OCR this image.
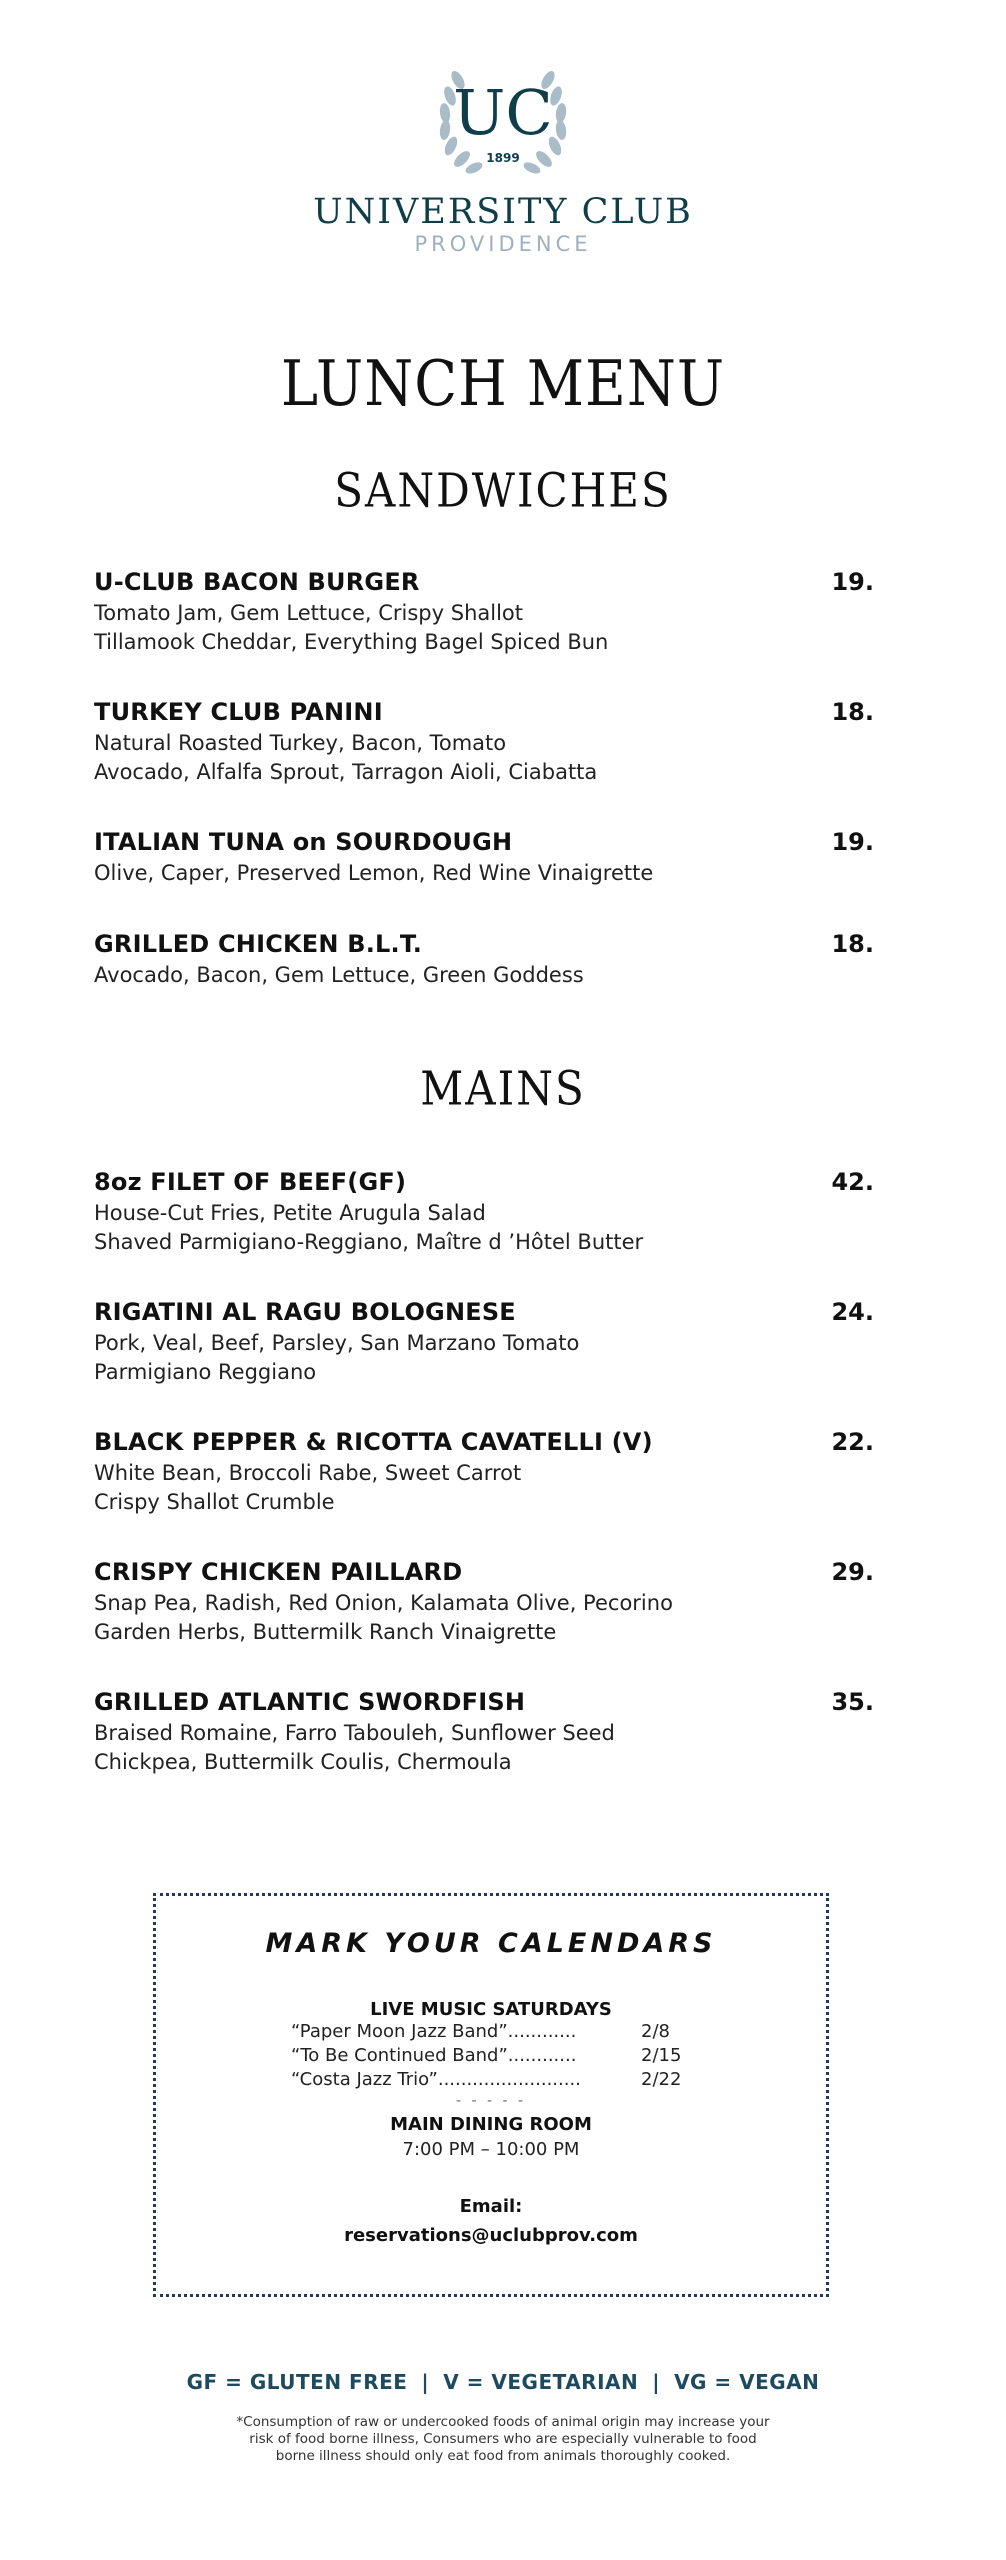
UC
1899
UNIVERSITY CLUB
PROVIDENCE
LUNCH MENU
SANDWICHES
U-CLUB BACON BURGER	19.
Tomato Jam, Gem Lettuce, Crispy Shallot
Tillamook Cheddar, Everything Bagel Spiced Bun
TURKEY CLUB PANINI	18.
Natural Roasted Turkey, Bacon, Tomato
Avocado, Alfalfa Sprout, Tarragon Aioli, Ciabatta
ITALIAN TUNA on SOURDOUGH	19.
Olive, Caper, Preserved Lemon, Red Wine Vinaigrette
GRILLED CHICKEN B.L.T.	18.
Avocado, Bacon, Gem Lettuce, Green Goddess
MAINS
8oz FILET OF BEEF(GF)	42.
House-Cut Fries, Petite Arugula Salad
Shaved Parmigiano-Reggiano, Maître d ’Hôtel Butter
RIGATINI AL RAGU BOLOGNESE	24.
Pork, Veal, Beef, Parsley, San Marzano Tomato
Parmigiano Reggiano
BLACK PEPPER & RICOTTA CAVATELLI (V)	22.
White Bean, Broccoli Rabe, Sweet Carrot
Crispy Shallot Crumble
CRISPY CHICKEN PAILLARD	29.
Snap Pea, Radish, Red Onion, Kalamata Olive, Pecorino
Garden Herbs, Buttermilk Ranch Vinaigrette
GRILLED ATLANTIC SWORDFISH	35.
Braised Romaine, Farro Tabouleh, Sunflower Seed
Chickpea, Buttermilk Coulis, Chermoula
MARK YOUR CALENDARS
LIVE MUSIC SATURDAYS
“Paper Moon Jazz Band”............	2/8
“To Be Continued Band”............	2/15
“Costa Jazz Trio”.........................	2/22
- - - - -
MAIN DINING ROOM
7:00 PM – 10:00 PM
Email:
reservations@uclubprov.com
GF = GLUTEN FREE | V = VEGETARIAN | VG = VEGAN
*Consumption of raw or undercooked foods of animal origin may increase your
risk of food borne illness, Consumers who are especially vulnerable to food
borne illness should only eat food from animals thoroughly cooked.
